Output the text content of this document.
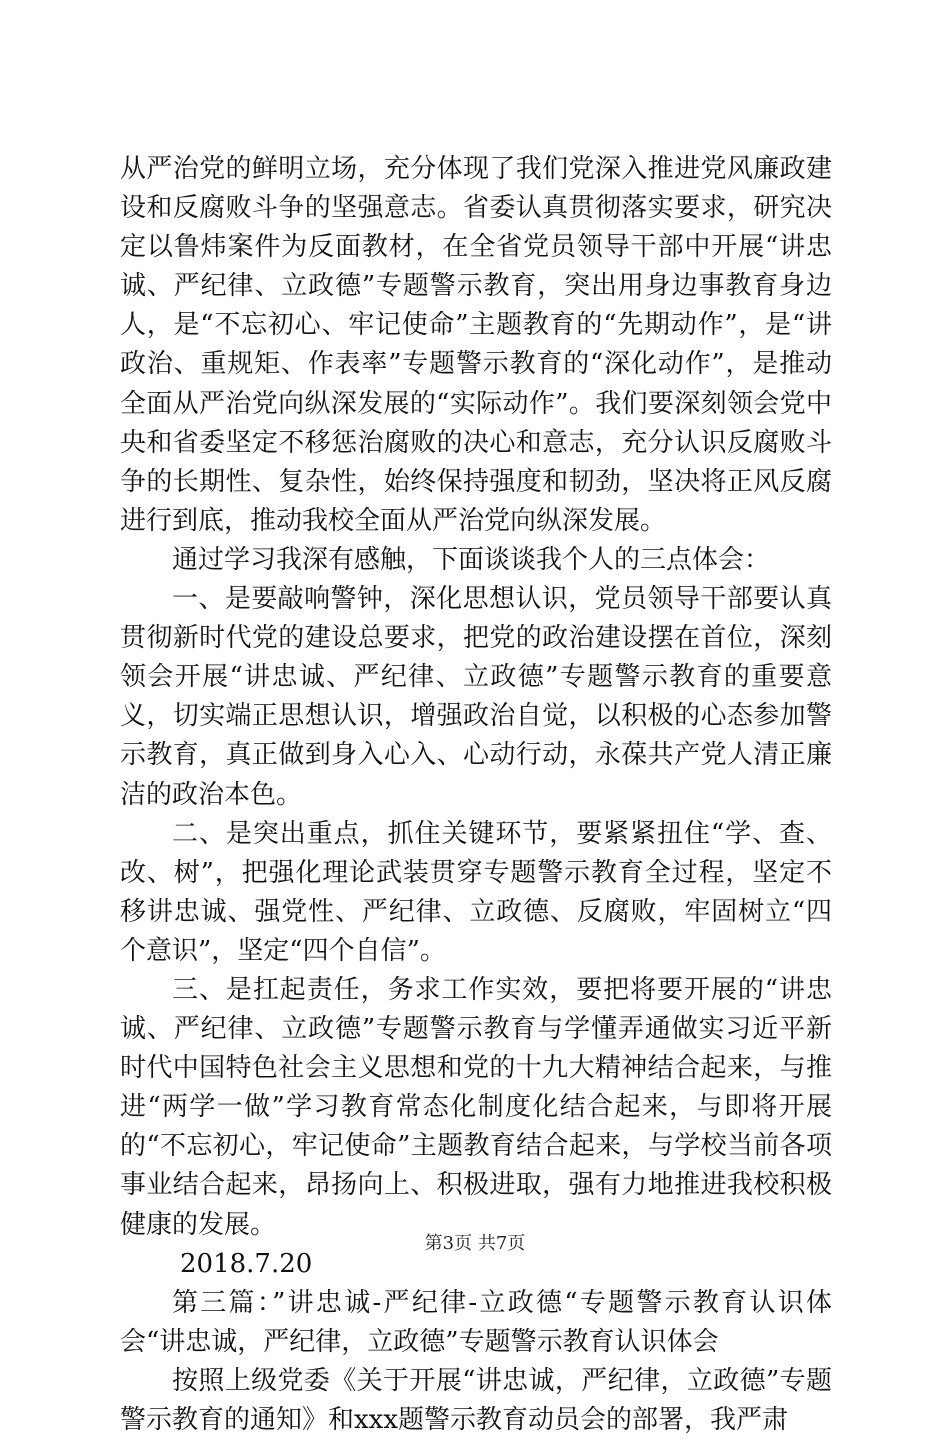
从严治党的鲜明立场，充分体现了我们党深入推进党风廉政建设和反腐败斗争的坚强意志。省委认真贯彻落实要求，研究决定以鲁炜案件为反面教材，在全省党员领导干部中开展“讲忠诚、严纪律、立政德”专题警示教育，突出用身边事教育身边人，是“不忘初心、牢记使命”主题教育的“先期动作”，是“讲政治、重规矩、作表率”专题警示教育的“深化动作”，是推动全面从严治党向纵深发展的“实际动作”。我们要深刻领会党中央和省委坚定不移惩治腐败的决心和意志，充分认识反腐败斗争的长期性、复杂性，始终保持强度和韧劲，坚决将正风反腐进行到底，推动我校全面从严治党向纵深发展。

通过学习我深有感触，下面谈谈我个人的三点体会：

一、是要敲响警钟，深化思想认识，党员领导干部要认真贯彻新时代党的建设总要求，把党的政治建设摆在首位，深刻领会开展“讲忠诚、严纪律、立政德”专题警示教育的重要意义，切实端正思想认识，增强政治自觉，以积极的心态参加警示教育，真正做到身入心入、心动行动，永葆共产党人清正廉洁的政治本色。

二、是突出重点，抓住关键环节，要紧紧扭住“学、查、改、树”，把强化理论武装贯穿专题警示教育全过程，坚定不移讲忠诚、强党性、严纪律、立政德、反腐败，牢固树立“四个意识”，坚定“四个自信”。

三、是扛起责任，务求工作实效，要把将要开展的“讲忠诚、严纪律、立政德”专题警示教育与学懂弄通做实习近平新时代中国特色社会主义思想和党的十九大精神结合起来，与推进“两学一做”学习教育常态化制度化结合起来，与即将开展的“不忘初心，牢记使命”主题教育结合起来，与学校当前各项事业结合起来，昂扬向上、积极进取，强有力地推进我校积极健康的发展。

2018.7.20

第三篇：”讲忠诚-严纪律-立政德“专题警示教育认识体会“讲忠诚，严纪律，立政德”专题警示教育认识体会

按照上级党委《关于开展“讲忠诚，严纪律，立政德”专题警示教育的通知》和xxx题警示教育动员会的部署，我严肃

第3页 共7页
